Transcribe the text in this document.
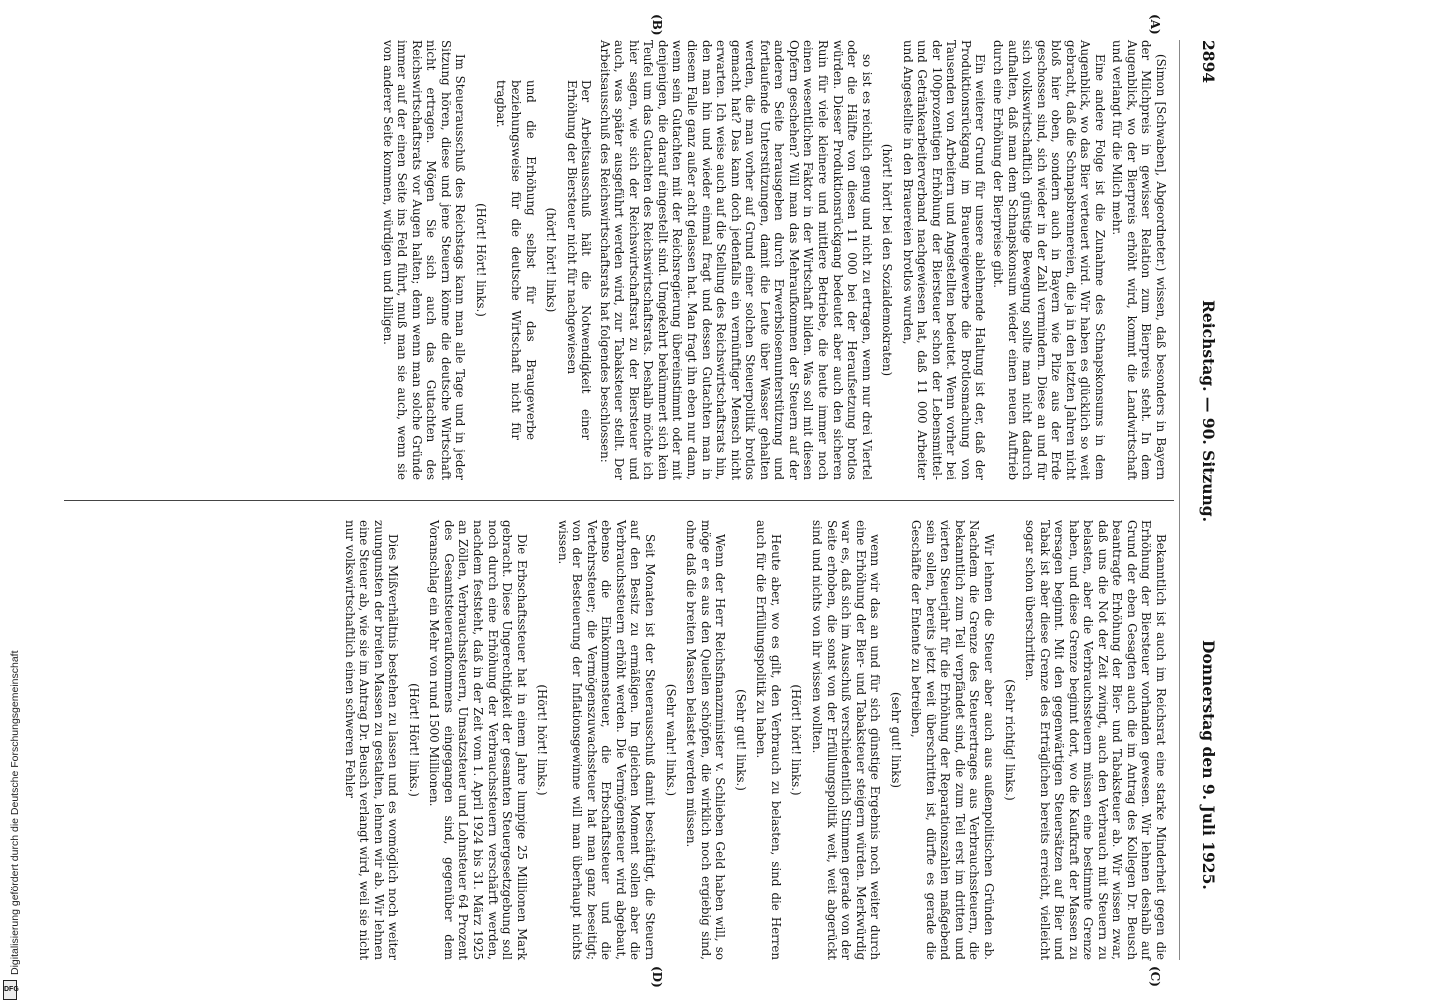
2894
Reichstag. — 90. Sitzung.
Donnerstag den 9. Juli 1925.
(A)
(B)
(C)
(D)

(Simon [Schwaben], Abgeordneter.) wissen, daß besonders in Bayern der Milchpreis in gewisser Relation zum Bierpreis steht. In dem Augenblick, wo der Bierpreis erhöht wird, kommt die Landwirtschaft und verlangt für die Milch mehr.

Eine andere Folge ist die Zunahme des Schnapskonsums in dem Augenblick, wo das Bier verteuert wird. Wir haben es glücklich so weit gebracht, daß die Schnapsbrennereien, die ja in den letzten Jahren nicht bloß hier oben, sondern auch in Bayern wie Pilze aus der Erde geschossen sind, sich wieder in der Zahl vermindern. Diese an und für sich volkswirtschaftlich günstige Bewegung sollte man nicht dadurch aufhalten, daß man dem Schnapskonsum wieder einen neuen Auftrieb durch eine Erhöhung der Bierpreise gibt.

Ein weiterer Grund für unsere ablehnende Haltung ist der, daß der Produktionsrückgang im Brauereigewerbe die Brotlosmachung von Tausenden von Arbeitern und Angestellten bedeutet. Wenn vorher bei der 100prozentigen Erhöhung der Biersteuer schon der Lebensmittel- und Getränkearbeiterverband nachgewiesen hat, daß 11 000 Arbeiter und Angestellte in den Brauereien brotlos wurden,

(hört! hört! bei den Sozialdemokraten)

so ist es reichlich genug und nicht zu ertragen, wenn nur drei Viertel oder die Hälfte von diesen 11 000 bei der Heraufsetzung brotlos würden. Dieser Produktionsrückgang bedeutet aber auch den sicheren Ruin für viele kleinere und mittlere Betriebe, die heute immer noch einen wesentlichen Faktor in der Wirtschaft bilden. Was soll mit diesen Opfern geschehen? Will man das Mehraufkommen der Steuern auf der anderen Seite herausgeben durch Erwerbslosenunterstützung und fortlaufende Unterstützungen, damit die Leute über Wasser gehalten werden, die man vorher auf Grund einer solchen Steuerpolitik brotlos gemacht hat? Das kann doch jedenfalls ein vernünftiger Mensch nicht erwarten. Ich weise auch auf die Stellung des Reichswirtschaftsrats hin, den man hin und wieder einmal fragt und dessen Gutachten man in diesem Falle ganz außer acht gelassen hat. Man fragt ihn eben nur dann, wenn sein Gutachten mit der Reichsregierung übereinstimmt oder mit denjenigen, die darauf eingestellt sind. Umgekehrt bekümmert sich kein Teufel um das Gutachten des Reichswirtschaftsrats. Deshalb möchte ich hier sagen, wie sich der Reichswirtschaftsrat zu der Biersteuer und auch, was später ausgeführt werden wird, zur Tabaksteuer stellt. Der Arbeitsausschuß des Reichswirtschaftsrats hat folgendes beschlossen:

Der Arbeitsausschuß hält die Notwendigkeit einer Erhöhung der Biersteuer nicht für nachgewiesen

(hört! hört! links)

und die Erhöhung selbst für das Braugewerbe beziehungsweise für die deutsche Wirtschaft nicht für tragbar.

(Hört! Hört! links.)

Im Steuerausschuß des Reichstags kann man alle Tage und in jeder Sitzung hören, diese und jene Steuern könne die deutsche Wirtschaft nicht ertragen. Mögen Sie sich auch das Gutachten des Reichswirtschaftsrats vor Augen halten; denn wenn man solche Gründe immer auf der einen Seite ins Feld führt, muß man sie auch, wenn sie von anderer Seite kommen, würdigen und billigen.

Bekanntlich ist auch im Reichsrat eine starke Minderheit gegen die Erhöhung der Biersteuer vorhanden gewesen. Wir lehnen deshalb auf Grund der eben Gesagten auch die im Antrag des Kollegen Dr. Beusch beantragte Erhöhung der Bier- und Tabaksteuer ab. Wir wissen zwar, daß uns die Not der Zeit zwingt, auch den Verbrauch mit Steuern zu belasten, aber die Verbrauchssteuern müssen eine bestimmte Grenze haben, und diese Grenze beginnt dort, wo die Kaufkraft der Massen zu versagen beginnt. Mit den gegenwärtigen Steuersätzen auf Bier und Tabak ist aber diese Grenze des Erträglichen bereits erreicht, vielleicht sogar schon überschritten.

(Sehr richtig! links.)

Wir lehnen die Steuer aber auch aus außenpolitischen Gründen ab. Nachdem die Grenze des Steuerertrages aus Verbrauchssteuern, die bekanntlich zum Teil verpfändet sind, die zum Teil erst im dritten und vierten Steuerjahr für die Erhöhung der Reparationszahlen maßgebend sein sollen, bereits jetzt weit überschritten ist, dürfte es gerade die Geschäfte der Entente zu betreiben,

(sehr gut! links)

wenn wir das an und für sich günstige Ergebnis noch weiter durch eine Erhöhung der Bier- und Tabaksteuer steigern würden. Merkwürdig war es, daß sich im Ausschuß verschiedentlich Stimmen gerade von der Seite erhoben, die sonst von der Erfüllungspolitik weit, weit abgerückt sind und nichts von ihr wissen wollten.

(Hört! hört! links.)

Heute aber, wo es gilt, den Verbrauch zu belasten, sind die Herren auch für die Erfüllungspolitik zu haben.

(Sehr gut! links.)

Wenn der Herr Reichsfinanzminister v. Schlieben Geld haben will, so möge er es aus den Quellen schöpfen, die wirklich noch ergiebig sind, ohne daß die breiten Massen belastet werden müssen.

(Sehr wahr! links.)

Seit Monaten ist der Steuerausschuß damit beschäftigt, die Steuern auf den Besitz zu ermäßigen. Im gleichen Moment sollen aber die Verbrauchssteuern erhöht werden. Die Vermögensteuer wird abgebaut, ebenso die Einkommensteuer, die Erbschaftssteuer und die Vertehrssteuer; die Vermögenszuwachssteuer hat man ganz beseitigt; von der Besteuerung der Inflationsgewinne will man überhaupt nichts wissen.

(Hört! hört! links.)

Die Erbschaftssteuer hat in einem Jahre lumpige 25 Millionen Mark gebracht. Diese Ungerechtigkeit der gesamten Steuergesetzgebung soll noch durch eine Erhöhung der Verbrauchssteuern verschärft werden, nachdem feststeht, daß in der Zeit vom 1. April 1924 bis 31. März 1925 an Zöllen, Verbrauchssteuern, Umsatzsteuer und Lohnsteuer 64 Prozent des Gesamtsteueraufkommens eingegangen sind, gegenüber dem Voranschlag ein Mehr von rund 1500 Millionen.

(Hört! Hört! links.)

Dies Mißverhältnis bestehen zu lassen und es womöglich noch weiter zuungunsten der breiten Massen zu gestalten, lehnen wir ab. Wir lehnen eine Steuer ab, wie sie im Antrag Dr. Beusch verlangt wird, weil sie nicht nur volkswirtschaftlich einen schweren Fehler

Digitalisierung gefördert durch die Deutsche Forschungsgemeinschaft
DFG
